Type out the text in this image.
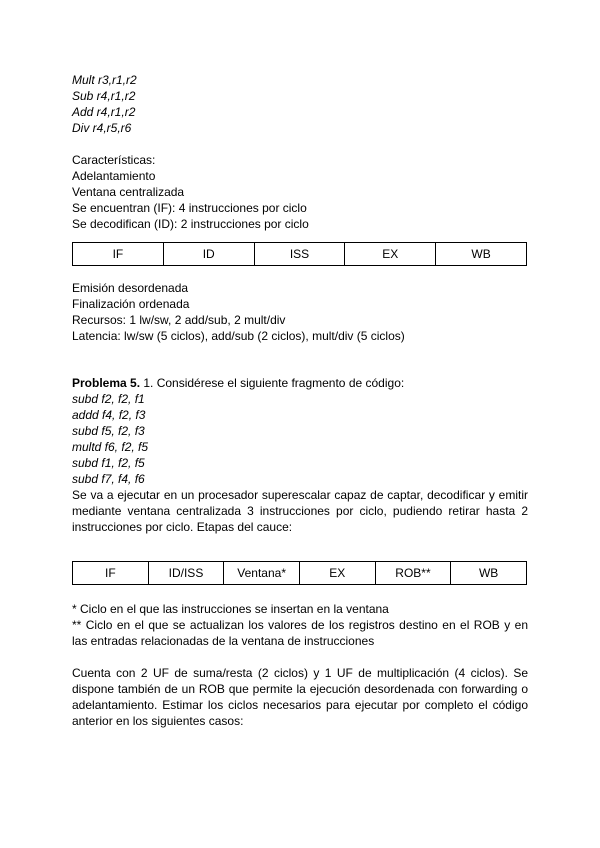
Mult r3,r1,r2
Sub r4,r1,r2
Add r4,r1,r2
Div r4,r5,r6
Características:
Adelantamiento
Ventana centralizada
Se encuentran (IF): 4 instrucciones por ciclo
Se decodifican (ID): 2 instrucciones por ciclo
IF	ID	ISS	EX	WB
Emisión desordenada
Finalización ordenada
Recursos: 1 lw/sw, 2 add/sub, 2 mult/div
Latencia: lw/sw (5 ciclos), add/sub (2 ciclos), mult/div (5 ciclos)
Problema 5. 1. Considérese el siguiente fragmento de código:
subd f2, f2, f1
addd f4, f2, f3
subd f5, f2, f3
multd f6, f2, f5
subd f1, f2, f5
subd f7, f4, f6
Se va a ejecutar en un procesador superescalar capaz de captar, decodificar y emitir mediante ventana centralizada 3 instrucciones por ciclo, pudiendo retirar hasta 2 instrucciones por ciclo. Etapas del cauce:
IF	ID/ISS	Ventana*	EX	ROB**	WB
* Ciclo en el que las instrucciones se insertan en la ventana
** Ciclo en el que se actualizan los valores de los registros destino en el ROB y en las entradas relacionadas de la ventana de instrucciones
Cuenta con 2 UF de suma/resta (2 ciclos) y 1 UF de multiplicación (4 ciclos). Se dispone también de un ROB que permite la ejecución desordenada con forwarding o adelantamiento. Estimar los ciclos necesarios para ejecutar por completo el código anterior en los siguientes casos:
